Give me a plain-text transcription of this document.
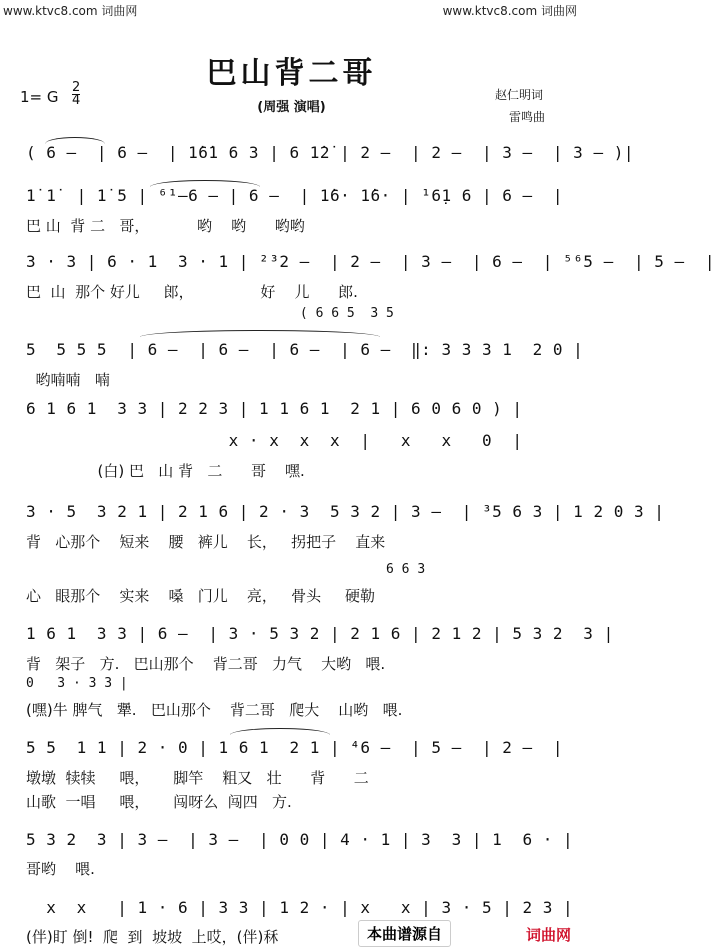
www.ktvc8.com 词曲网	www.ktvc8.com 词曲网
巴山背二哥
1= G $\frac{2}{4}$
(周强 演唱)
赵仁明词
雷鸣曲
( 6 –  | 6 –  | 1̇6̇1 6 3 | 6 1̇2̇ | 2 –  | 2 –  | 3 –  | 3 – )|
1̇ 1̇  | 1̇ 5 | ⁶¹–6 – | 6 –  | 1̇6· 1̇6· | ¹6̣1 6 | 6 –  |
巴 山  背 二   哥，          哟    哟      哟哟
3 · 3 | 6 · 1  3 · 1 | ²³2 –  | 2 –  | 3 –  | 6 –  | ⁵⁶5 –  | 5 –  |
巴  山  那个 好儿     郎，              好    儿      郎.
( 6 6 5  3 5
5  5 5 5  | 6 –  | 6 –  | 6 –  | 6 –  ‖: 3 3 3 1  2 0 |
哟喃喃   喃
6 1 6 1  3 3 | 2 2 3 | 1 1 6 1  2 1 | 6 0 6 0 ) |
x · x  x  x  |   x   x   0  |
(白) 巴   山 背   二      哥    嘿.
3 · 5  3 2 1 | 2 1 6 | 2 · 3  5 3 2 | 3 –  | ³5 6 3 | 1 2 0 3 |
背   心那个    短来    腰   裤儿    长，   拐把子    直来
6 6 3
心   眼那个    实来    嗓   门儿    亮，   骨头     硬勒
1 6 1  3 3 | 6 –  | 3 · 5 3 2 | 2 1 6 | 2 1 2 | 5 3 2  3 |
背   架子   方.   巴山那个    背二哥   力气    大哟   喂.
0   3 · 3 3 |
(嘿)牛 脾气   犟.   巴山那个    背二哥   爬大    山哟   喂.
5 5  1 1 | 2 · 0 | 1 6 1  2 1 | ⁴6 –  | 5 –  | 2 –  |
墩墩  犊犊     喂，     脚竿    粗又   壮      背      二
山歌  一唱     喂，     闯呀么  闯四   方.
5 3 2  3 | 3 –  | 3 –  | 0 0 | 4 · 1 | 3  3 | 1  6 · |
哥哟    喂.
x  x   | 1 · 6 | 3 3 | 1 2 · | x   x | 3 · 5 | 2 3 |
(伴)盯 倒!  爬  到  坡坡  上哎，(伴)秝	本曲谱源自	词曲网
